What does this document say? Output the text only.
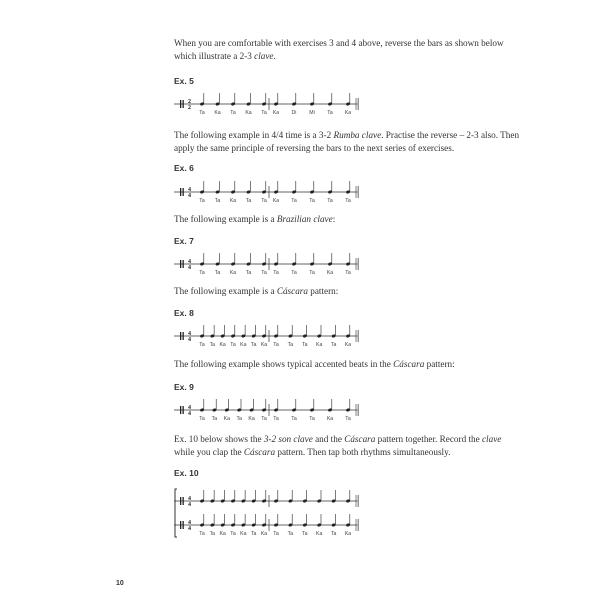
When you are comfortable with exercises 3 and 4 above, reverse the bars as shown below which illustrate a 2-3 clave.
Ex. 5
2
2
Ta Ka Ta Ka Ta Ka Di Mi Ta Ka
The following example in 4/4 time is a 3-2 Rumba clave. Practise the reverse – 2-3 also. Then apply the same principle of reversing the bars to the next series of exercises.
Ex. 6
4
4
Ta Ta Ka Ta Ta Ka Ta Ta Ta Ta
The following example is a Brazilian clave:
Ex. 7
4
4
Ta Ta Ka Ta Ta Ta Ta Ta Ka Ta
The following example is a Cáscara pattern:
Ex. 8
4
4
Ta Ta Ka Ta Ka Ta Ka Ta Ta Ta Ka Ta Ka
The following example shows typical accented beats in the Cáscara pattern:
Ex. 9
4
4
Ta Ta Ka Ta Ka Ta Ta Ta Ta Ka Ta
Ex. 10 below shows the 3-2 son clave and the Cáscara pattern together. Record the clave while you clap the Cáscara pattern. Then tap both rhythms simultaneously.
Ex. 10
4
4
4
4
Ta Ta Ka Ta Ka Ta Ka Ta Ta Ta Ka Ta Ka
10
